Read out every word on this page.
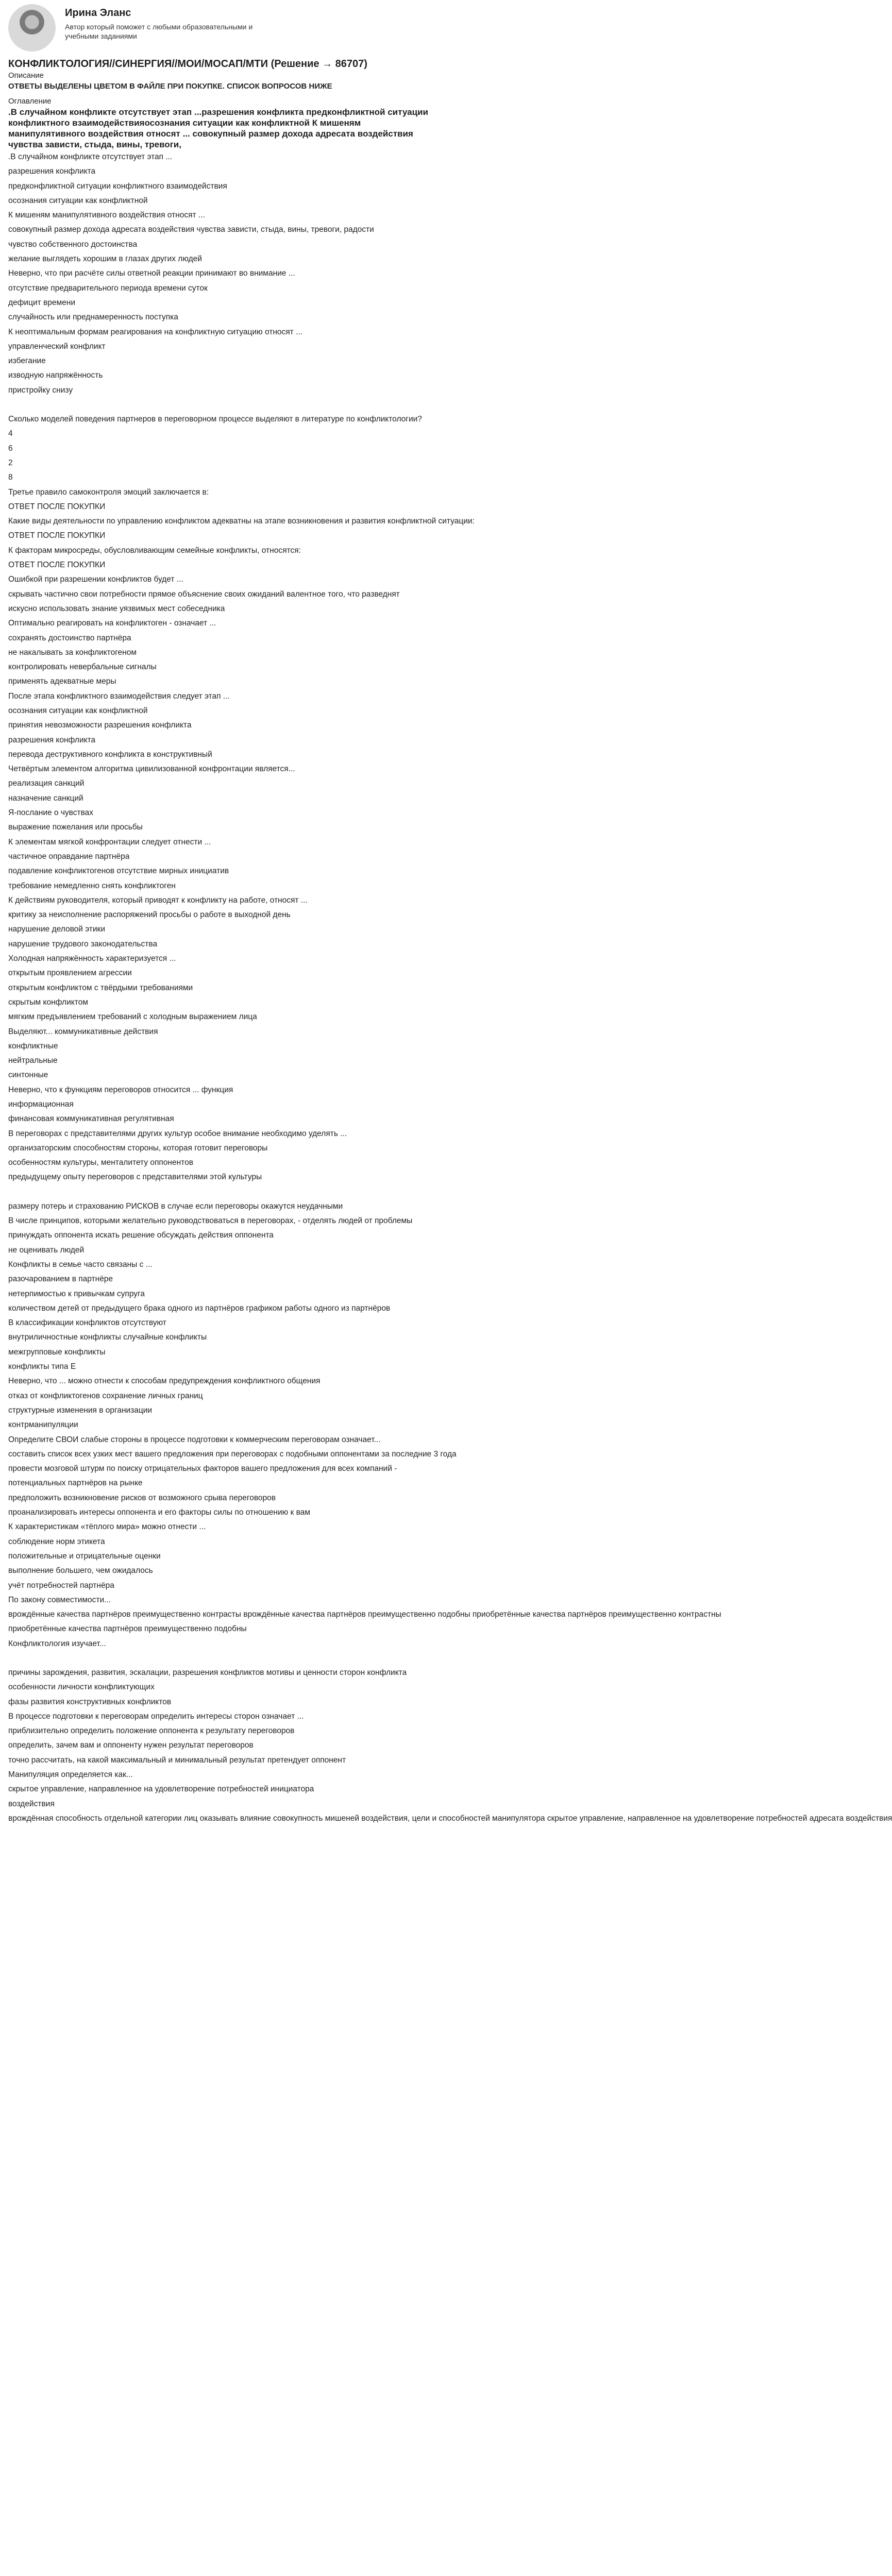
Ирина Эланс
Автор который поможет с любыми образовательными и учебными заданиями
КОНФЛИКТОЛОГИЯ//СИНЕРГИЯ//МОИ/МОСАП/МТИ (Решение → 86707)
Описание
ОТВЕТЫ ВЫДЕЛЕНЫ ЦВЕТОМ В ФАЙЛЕ ПРИ ПОКУПКЕ. СПИСОК ВОПРОСОВ НИЖЕ
Оглавление
.В случайном конфликте отсутствует этап ...разрешения конфликта предконфликтной ситуации конфликтного взаимодействияосознания ситуации как конфликтной К мишеням манипулятивного воздействия относят ... совокупный размер дохода адресата воздействия чувства зависти, стыда, вины, тревоги,
.В случайном конфликте отсутствует этап ...
разрешения конфликта
предконфликтной ситуации конфликтного взаимодействия
осознания ситуации как конфликтной
К мишеням манипулятивного воздействия относят ...
совокупный размер дохода адресата воздействия чувства зависти, стыда, вины, тревоги, радости
чувство собственного достоинства
желание выглядеть хорошим в глазах других людей
Неверно, что при расчёте силы ответной реакции принимают во внимание ...
отсутствие предварительного периода времени суток
дефицит времени
случайность или преднамеренность поступка
К неоптимальным формам реагирования на конфликтную ситуацию относят ...
управленческий конфликт
избегание
изводную напряжённость
пристройку снизу
Сколько моделей поведения партнеров в переговорном процессе выделяют в литературе по конфликтологии?
4
6
2
8
Третье правило самоконтроля эмоций заключается в:
ОТВЕТ ПОСЛЕ ПОКУПКИ
Какие виды деятельности по управлению конфликтом адекватны на этапе возникновения и развития конфликтной ситуации:
ОТВЕТ ПОСЛЕ ПОКУПКИ
К факторам микросреды, обусловливающим семейные конфликты, относятся:
ОТВЕТ ПОСЛЕ ПОКУПКИ
Ошибкой при разрешении конфликтов будет ...
скрывать частично свои потребности прямое объяснение своих ожиданий валентное того, что разведнят
искусно использовать знание уязвимых мест собеседника
Оптимально реагировать на конфликтоген - означает ...
сохранять достоинство партнёра
не накалывать за конфликтогеном
контролировать невербальные сигналы
применять адекватные меры
После этапа конфликтного взаимодействия следует этап ...
осознания ситуации как конфликтной
принятия невозможности разрешения конфликта
разрешения конфликта
перевода деструктивного конфликта в конструктивный
Четвёртым элементом алгоритма цивилизованной конфронтации является...
реализация санкций
назначение санкций
Я-послание о чувствах
выражение пожелания или просьбы
К элементам мягкой конфронтации следует отнести ...
частичное оправдание партнёра
подавление конфликтогенов отсутствие мирных инициатив
требование немедленно снять конфликтоген
К действиям руководителя, который приводят к конфликту на работе, относят ...
критику за неисполнение распоряжений просьбы о работе в выходной день
нарушение деловой этики
нарушение трудового законодательства
Холодная напряжённость характеризуется ...
открытым проявлением агрессии
открытым конфликтом с твёрдыми требованиями
скрытым конфликтом
мягким предъявлением требований с холодным выражением лица
Выделяют... коммуникативные действия
конфликтные
нейтральные
синтонные
Неверно, что к функциям переговоров относится ... функция
информационная
финансовая коммуникативная регулятивная
В переговорах с представителями других культур особое внимание необходимо уделять ...
организаторским способностям стороны, которая готовит переговоры
особенностям культуры, менталитету оппонентов
предыдущему опыту переговоров с представителями этой культуры
размеру потерь и страхованию РИСКОВ в случае если переговоры окажутся неудачными
В числе принципов, которыми желательно руководствоваться в переговорах, - отделять людей от проблемы
принуждать оппонента искать решение обсуждать действия оппонента
не оценивать людей
Конфликты в семье часто связаны с ...
разочарованием в партнёре
нетерпимостью к привычкам супруга
количеством детей от предыдущего брака одного из партнёров графиком работы одного из партнёров
В классификации конфликтов отсутствуют
внутриличностные конфликты случайные конфликты
межгрупповые конфликты
конфликты типа Е
Неверно, что ... можно отнести к способам предупреждения конфликтного общения
отказ от конфликтогенов сохранение личных границ
структурные изменения в организации
контрманипуляции
Определите СВОИ слабые стороны в процессе подготовки к коммерческим переговорам означает...
составить список всех узких мест вашего предложения при переговорах с подобными оппонентами за последние 3 года
провести мозговой штурм по поиску отрицательных факторов вашего предложения для всех компаний -
потенциальных партнёров на рынке
предположить возникновение рисков от возможного срыва переговоров
проанализировать интересы оппонента и его факторы силы по отношению к вам
К характеристикам «тёплого мира» можно отнести ...
соблюдение норм этикета
положительные и отрицательные оценки
выполнение большего, чем ожидалось
учёт потребностей партнёра
По закону совместимости...
врождённые качества партнёров преимущественно контрасты врождённые качества партнёров преимущественно подобны приобретённые качества партнёров преимущественно контрастны
приобретённые качества партнёров преимущественно подобны
Конфликтология изучает...
причины зарождения, развития, эскалации, разрешения конфликтов мотивы и ценности сторон конфликта
особенности личности конфликтующих
фазы развития конструктивных конфликтов
В процессе подготовки к переговорам определить интересы сторон означает ...
приблизительно определить положение оппонента к результату переговоров
определить, зачем вам и оппоненту нужен результат переговоров
точно рассчитать, на какой максимальный и минимальный результат претендует оппонент
Манипуляция определяется как...
скрытое управление, направленное на удовлетворение потребностей инициатора
воздействия
врождённая способность отдельной категории лиц оказывать влияние совокупность мишеней воздействия, цели и способностей манипулятора скрытое управление, направленное на удовлетворение потребностей адресата воздействия
